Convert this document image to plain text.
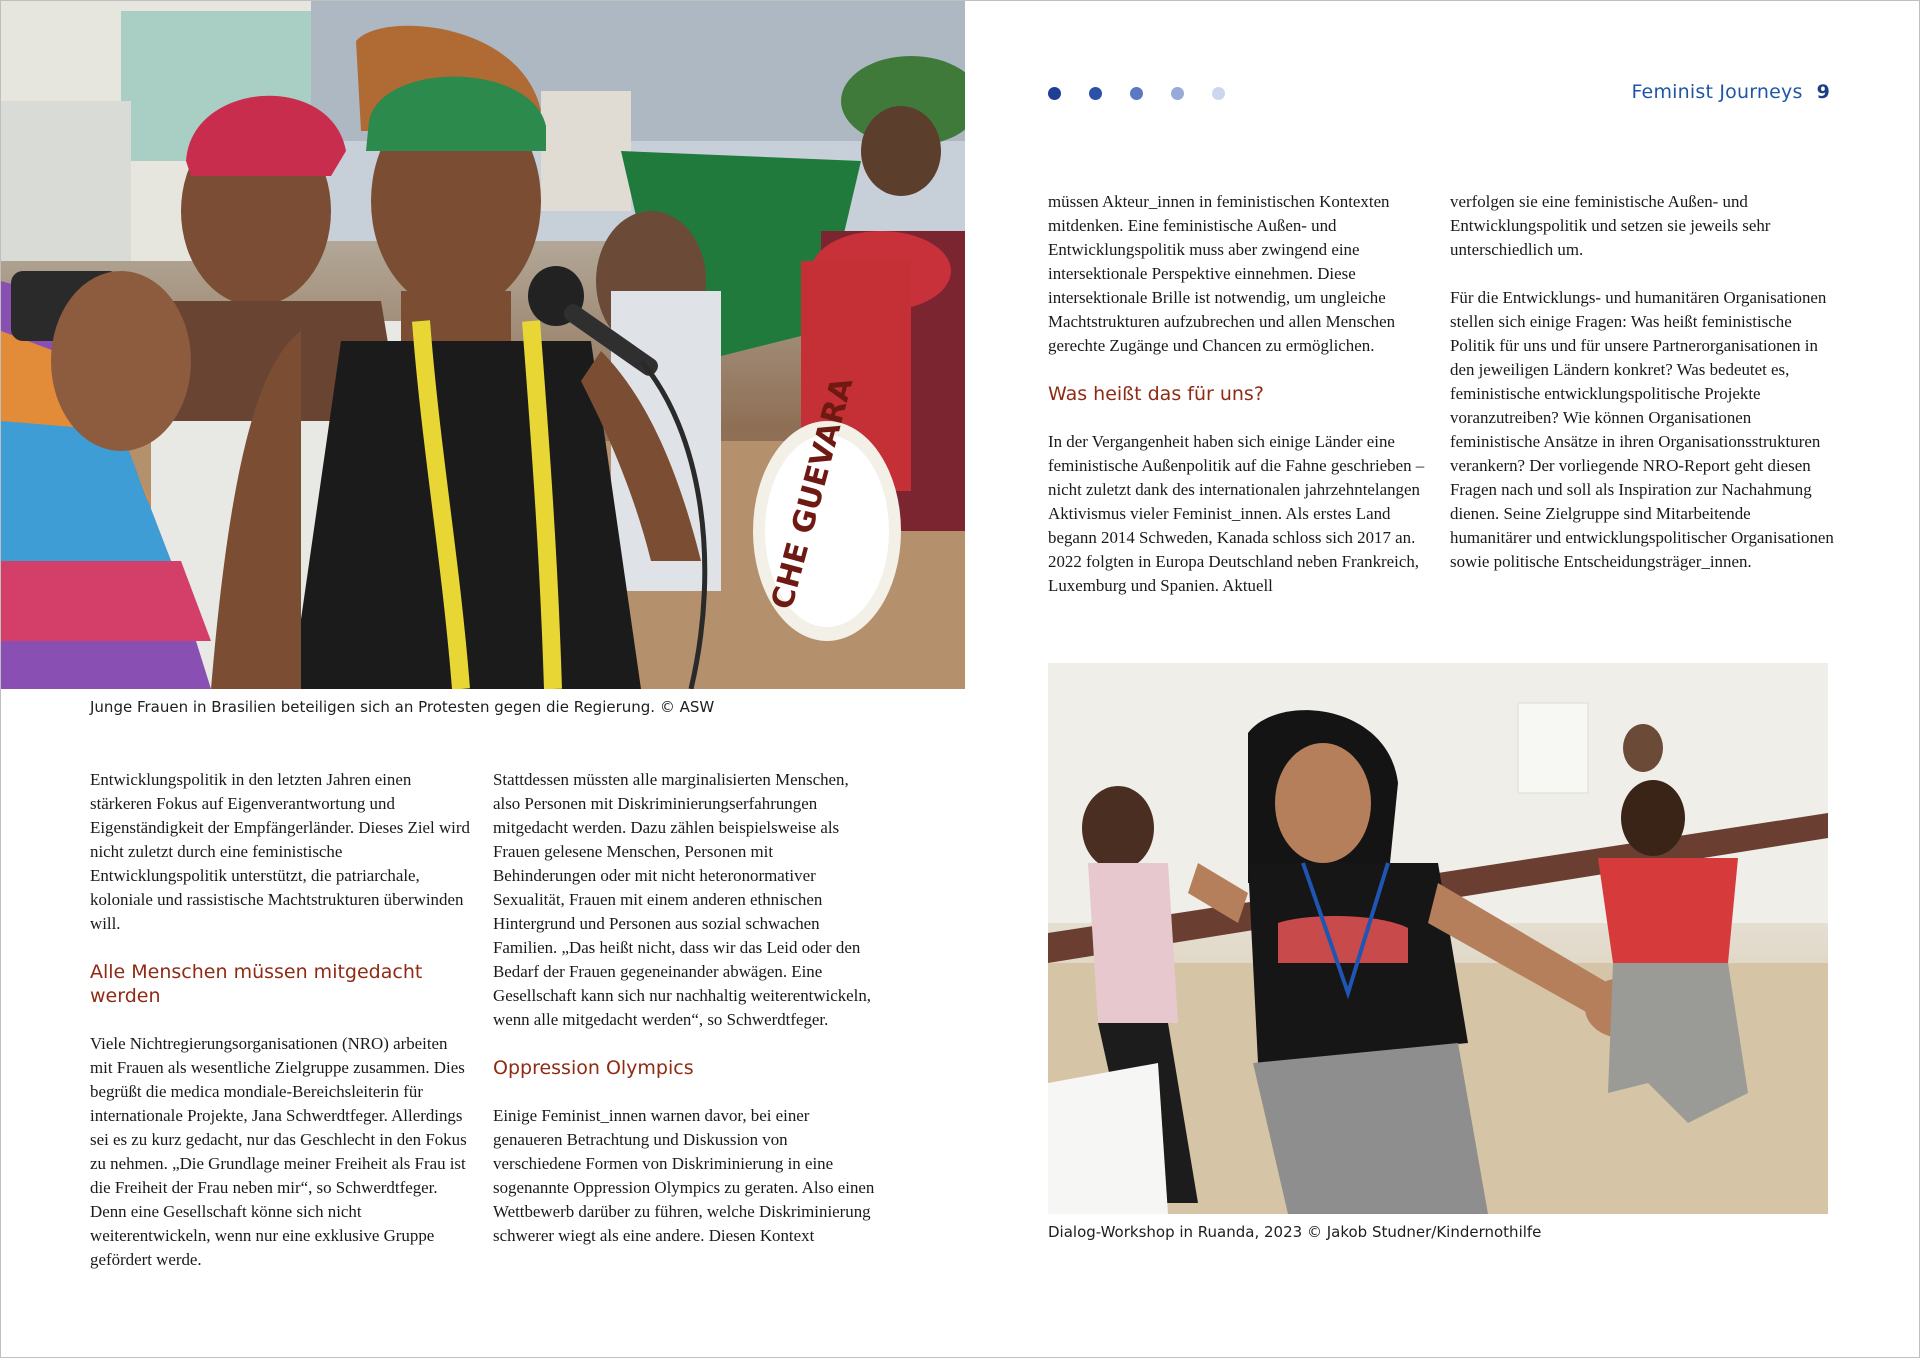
CHE GUEVARA
Junge Frauen in Brasilien beteiligen sich an Protesten gegen die Regierung. © ASW
Feminist Journeys 9

Entwicklungspolitik in den letzten Jahren einen stärkeren Fokus auf Eigenverantwortung und Eigenständigkeit der Empfängerländer. Dieses Ziel wird nicht zuletzt durch eine feministische Entwicklungspolitik unterstützt, die patriarchale, koloniale und rassistische Machtstrukturen überwinden will.

Alle Menschen müssen mitgedacht werden

Viele Nichtregierungsorganisationen (NRO) arbeiten mit Frauen als wesentliche Zielgruppe zusammen. Dies begrüßt die medica mondiale-Bereichsleiterin für internationale Projekte, Jana Schwerdtfeger. Allerdings sei es zu kurz gedacht, nur das Geschlecht in den Fokus zu nehmen. „Die Grundlage meiner Freiheit als Frau ist die Freiheit der Frau neben mir“, so Schwerdtfeger. Denn eine Gesellschaft könne sich nicht weiterentwickeln, wenn nur eine exklusive Gruppe gefördert werde.

Stattdessen müssten alle marginalisierten Menschen, also Personen mit Diskriminierungserfahrungen mitgedacht werden. Dazu zählen beispielsweise als Frauen gelesene Menschen, Personen mit Behinderungen oder mit nicht heteronormativer Sexualität, Frauen mit einem anderen ethnischen Hintergrund und Personen aus sozial schwachen Familien. „Das heißt nicht, dass wir das Leid oder den Bedarf der Frauen gegeneinander abwägen. Eine Gesellschaft kann sich nur nachhaltig weiterentwickeln, wenn alle mitgedacht werden“, so Schwerdtfeger.

Oppression Olympics

Einige Feminist_innen warnen davor, bei einer genaueren Betrachtung und Diskussion von verschiedene Formen von Diskriminierung in eine sogenannte Oppression Olympics zu geraten. Also einen Wettbewerb darüber zu führen, welche Diskriminierung schwerer wiegt als eine andere. Diesen Kontext

müssen Akteur_innen in feministischen Kontexten mitdenken. Eine feministische Außen- und Entwicklungspolitik muss aber zwingend eine intersektionale Perspektive einnehmen. Diese intersektionale Brille ist notwendig, um ungleiche Machtstrukturen aufzubrechen und allen Menschen gerechte Zugänge und Chancen zu ermöglichen.

Was heißt das für uns?

In der Vergangenheit haben sich einige Länder eine feministische Außenpolitik auf die Fahne geschrieben – nicht zuletzt dank des internationalen jahrzehntelangen Aktivismus vieler Feminist_innen. Als erstes Land begann 2014 Schweden, Kanada schloss sich 2017 an. 2022 folgten in Europa Deutschland neben Frankreich, Luxemburg und Spanien. Aktuell

verfolgen sie eine feministische Außen- und Entwicklungspolitik und setzen sie jeweils sehr unterschiedlich um.

Für die Entwicklungs- und humanitären Organisationen stellen sich einige Fragen: Was heißt feministische Politik für uns und für unsere Partnerorganisationen in den jeweiligen Ländern konkret? Was bedeutet es, feministische entwicklungspolitische Projekte voranzutreiben? Wie können Organisationen feministische Ansätze in ihren Organisationsstrukturen verankern? Der vorliegende NRO-Report geht diesen Fragen nach und soll als Inspiration zur Nachahmung dienen. Seine Zielgruppe sind Mitarbeitende humanitärer und entwicklungspolitischer Organisationen sowie politische Entscheidungsträger_innen.

Dialog-Workshop in Ruanda, 2023 © Jakob Studner/Kindernothilfe
